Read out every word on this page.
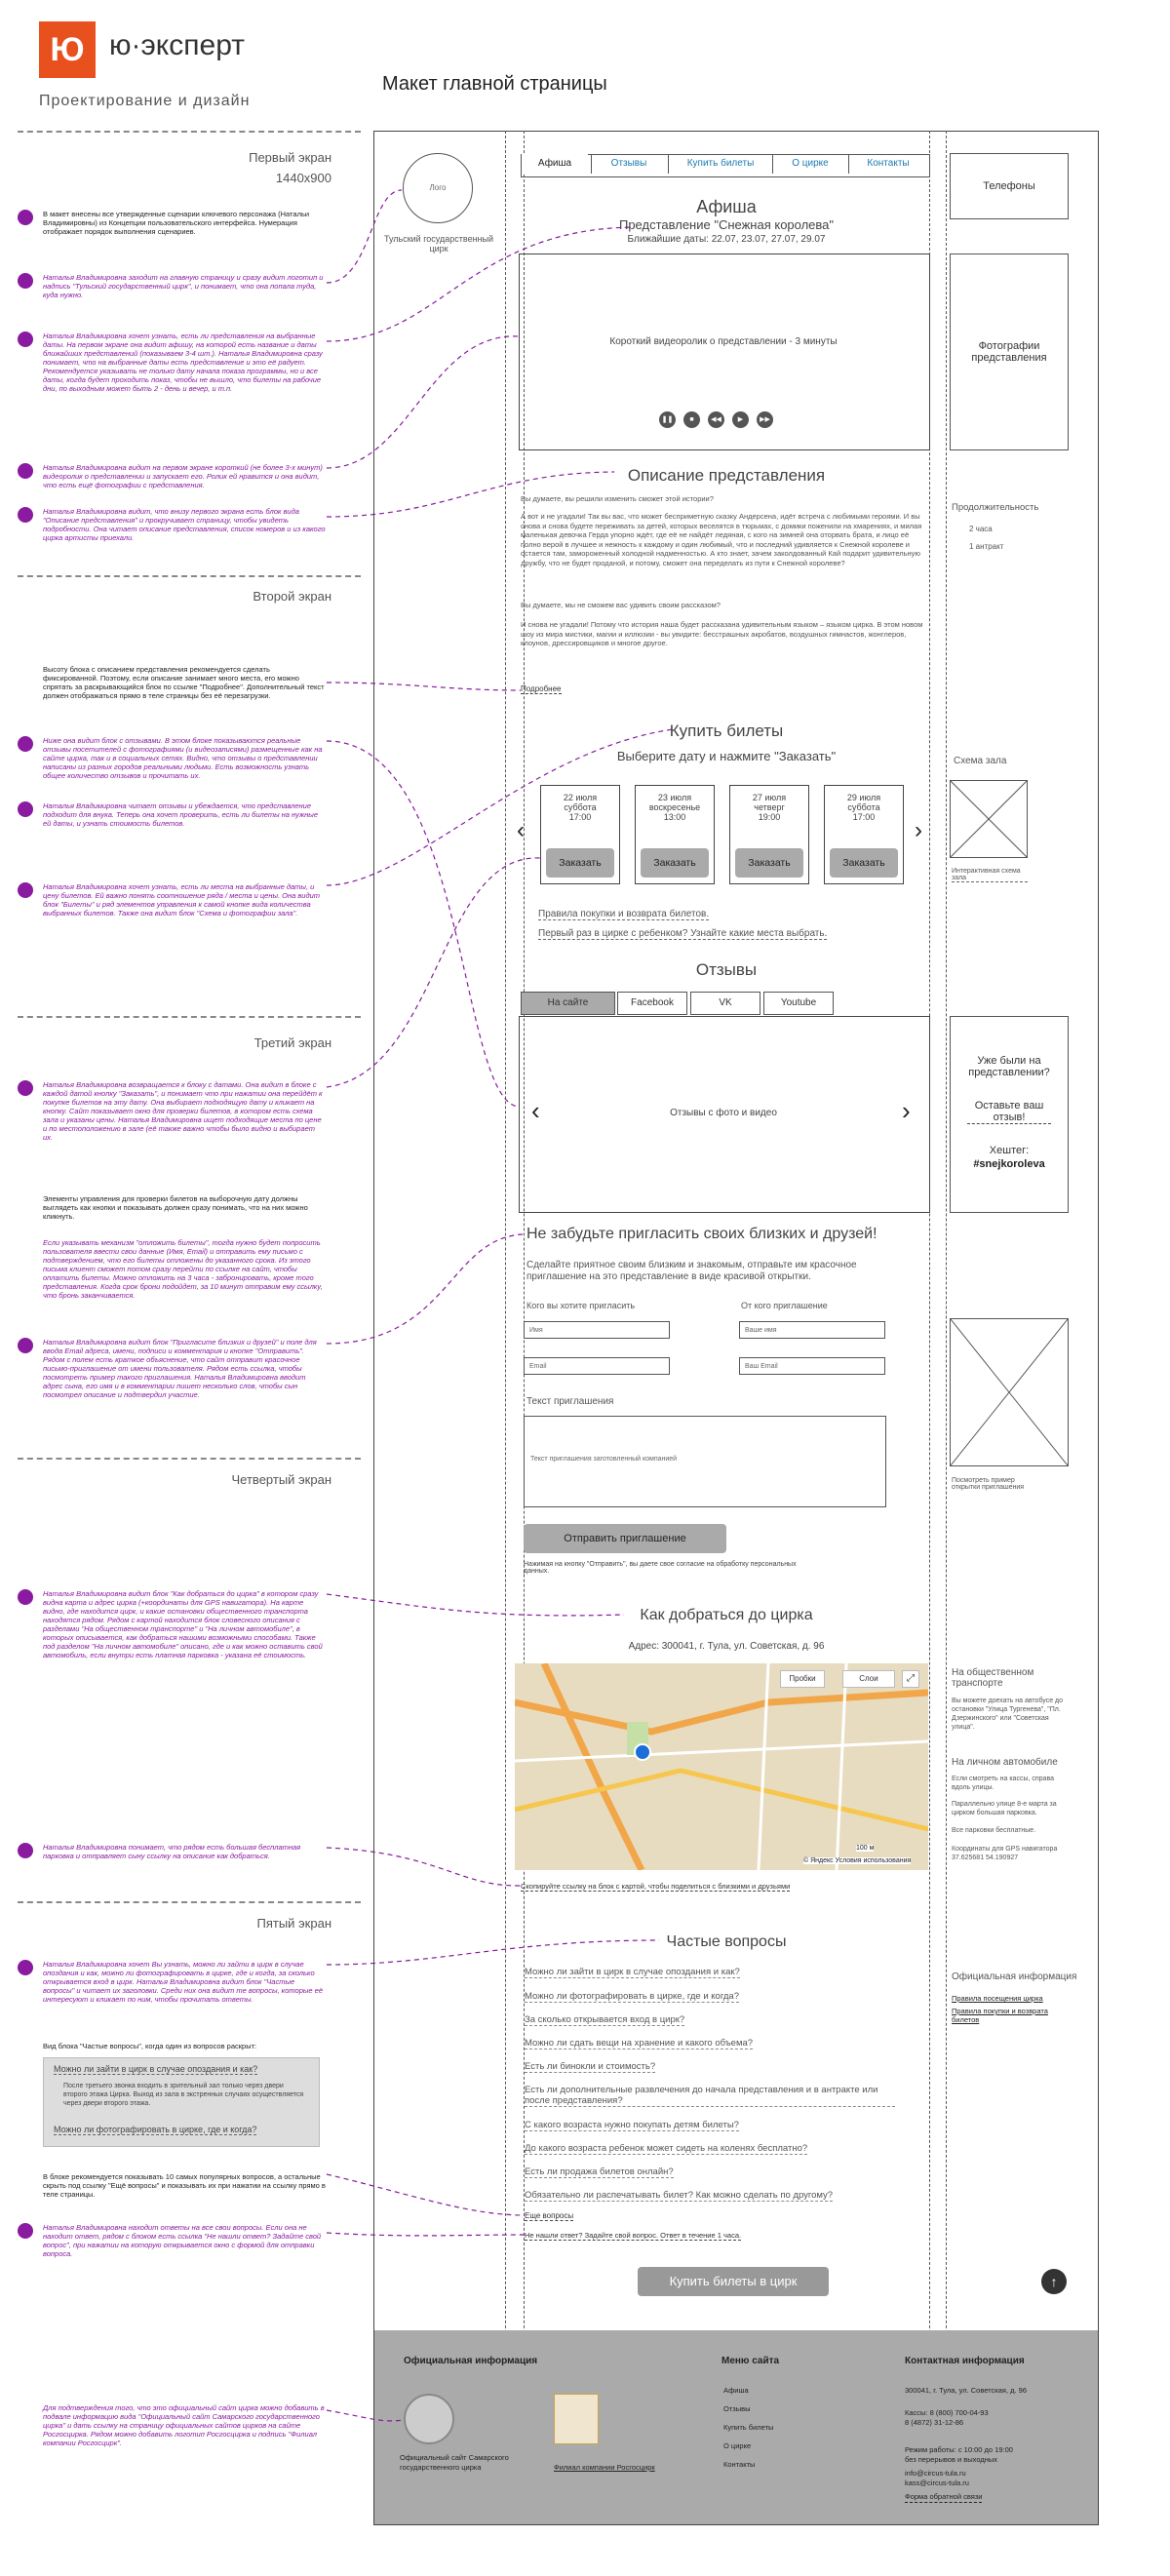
Ю ю·эксперт
Проектирование и дизайн
Макет главной страницы
Первый экран
1440x900
В макет внесены все утвержденные сценарии ключевого персонажа (Натальи Владимировны) из Концепции пользовательского интерфейса. Нумерация отображает порядок выполнения сценариев.
Наталья Владимировна заходит на главную страницу и сразу видит логотип и надпись "Тульский государственный цирк", и понимает, что она попала туда, куда нужно.
Наталья Владимировна хочет узнать, есть ли представления на выбранные даты. На первом экране она видит афишу, на которой есть название и даты ближайших представлений (показываем 3-4 шт.). Наталья Владимировна сразу понимает, что на выбранные даты есть представление и это её радует. Рекомендуется указывать не только дату начала показа программы, но и все даты, когда будет проходить показ, чтобы не вышло, что билеты на рабочие дни, по выходным может быть 2 - день и вечер, и т.п.
Наталья Владимировна видит на первом экране короткий (не более 3-х минут) видеоролик о представлении и запускает его. Ролик ей нравится и она видит, что есть ещё фотографии с представления.
Наталья Владимировна видит, что внизу первого экрана есть блок вида "Описание представления" и прокручивает страницу, чтобы увидеть подробности. Она читает описание представления, список номеров и из какого цирка артисты приехали.
Второй экран
Высоту блока с описанием представления рекомендуется сделать фиксированной. Поэтому, если описание занимает много места, его можно спрятать за раскрывающийся блок по ссылке "Подробнее". Дополнительный текст должен отображаться прямо в теле страницы без её перезагрузки.
Ниже она видит блок с отзывами. В этом блоке показываются реальные отзывы посетителей с фотографиями (и видеозаписями) размещенные как на сайте цирка, так и в социальных сетях. Видно, что отзывы о представлении написаны из разных городов реальными людьми. Есть возможность узнать общее количество отзывов и прочитать их.
Наталья Владимировна читает отзывы и убеждается, что представление подходит для внука. Теперь она хочет проверить, есть ли билеты на нужные ей даты, и узнать стоимость билетов.
Наталья Владимировна хочет узнать, есть ли места на выбранные даты, и цену билетов. Ей важно понять соотношение ряда / места и цены. Она видит блок "Билеты" и ряд элементов управления к самой кнопке вида количества выбранных билетов. Также она видит блок "Схема и фотографии зала".
Третий экран
Наталья Владимировна возвращается к блоку с датами. Она видит в блоке с каждой датой кнопку "Заказать", и понимает что при нажатии она перейдёт к покупке билетов на эту дату. Она выбирает подходящую дату и кликает на кнопку. Сайт показывает окно для проверки билетов, в котором есть схема зала и указаны цены. Наталья Владимировна ищет подходящие места по цене и по местоположению в зале (её также важно чтобы было видно и выбирает их.
Элементы управления для проверки билетов на выборочную дату должны выглядеть как кнопки и показывать должен сразу понимать, что на них можно кликнуть.
Если указывать механизм "отложить билеты", тогда нужно будет попросить пользователя ввести свои данные (Имя, Email) и отправить ему письмо с подтверждением, что его билеты отложены до указанного срока. Из этого письма клиент сможет потом сразу перейти по ссылке на сайт, чтобы оплатить билеты. Можно отложить на 3 часа - забронировать, кроме того представления. Когда срок брони подойдет, за 10 минут отправим ему ссылку, что бронь заканчивается.
Наталья Владимировна видит блок "Пригласите близких и друзей" и поле для ввода Email адреса, имени, подписи и комментария и кнопке "Отправить". Рядом с полем есть краткое объяснение, что сайт отправит красочное письмо-приглашение от имени пользователя. Рядом есть ссылка, чтобы посмотреть пример такого приглашения. Наталья Владимировна вводит адрес сына, его имя и в комментарии пишет несколько слов, чтобы сын посмотрел описание и подтвердил участие.
Четвертый экран
Наталья Владимировна видит блок "Как добраться до цирка" в котором сразу видна карта и адрес цирка (+координаты для GPS навигатора). На карте видно, где находится цирк, и какие остановки общественного транспорта находятся рядом. Рядом с картой находится блок словесного описания с разделами "На общественном транспорте" и "На личном автомобиле", в которых описывается, как добраться нашими возможными способами. Также под разделом "На личном автомобиле" описано, где и как можно оставить свой автомобиль, если внутри есть платная парковка - указана её стоимость.
Наталья Владимировна понимает, что рядом есть большая бесплатная парковка и отправляет сыну ссылку на описание как добраться.
Пятый экран
Наталья Владимировна хочет Вы узнать, можно ли зайти в цирк в случае опоздания и как, можно ли фотографировать в цирке, где и когда, за сколько открывается вход в цирк. Наталья Владимировна видит блок "Частые вопросы" и читает их заголовки. Среди них она видит те вопросы, которые её интересуют и кликает по ним, чтобы прочитать ответы.
Вид блока "Частые вопросы", когда один из вопросов раскрыт:
Можно ли зайти в цирк в случае опоздания и как?
После третьего звонка входить в зрительный зал только через двери второго этажа Цирка. Выход из зала в экстренных случаях осуществляется через двери второго этажа.
Можно ли фотографировать в цирке, где и когда?
В блоке рекомендуется показывать 10 самых популярных вопросов, а остальные скрыть под ссылку "Ещё вопросы" и показывать их при нажатии на ссылку прямо в теле страницы.
Наталья Владимировна находит ответы на все свои вопросы. Если она не находит ответ, рядом с блоком есть ссылка "Не нашли ответ? Задайте свой вопрос", при нажатии на которую открывается окно с формой для отправки вопроса.
Для подтверждения того, что это официальный сайт цирка можно добавить в подвале информацию вида "Официальный сайт Самарского государственного цирка" и дать ссылку на страницу официальных сайтов цирков на сайте Росгосцирка. Рядом можно добавить логотип Росгосцирка и подпись "Филиал компании Росгосцирк".
Лого
Тульский государственный цирк
Афиша	Отзывы	Купить билеты	О цирке	Контакты
Телефоны
Афиша
Представление "Снежная королева"
Ближайшие даты: 22.07, 23.07, 27.07, 29.07
Короткий видеоролик о представлении - 3 минуты
❚❚	■	◀◀	▶	▶▶
Фотографии представления
Описание представления
Вы думаете, вы решили изменить сможет этой истории?
А вот и не угадали! Так вы вас, что может бесприметную сказку Андерсена, идёт встреча с любимыми героями. И вы снова и снова будете переживать за детей, которых веселятся в тюрьмах, с домики поженили на хмарениях, и милая маленькая девочка Герда упорно ждёт, где её не найдёт ледяная, с кого на зимней она оторвать брата, и лицо её полно верой в лучшее и нежность к каждому и один любимый, что и последний удивляется к Снежной королеве и остается там, замороженный холодной надменностью. А кто знает, зачем заколдованный Кай подарит удивительную дружбу, что не будет проданой, и потому, сможет она переделать из пути к Снежной королеве?
Вы думаете, мы не сможем вас удивить своим рассказом?
И снова не угадали! Потому что история наша будет рассказана удивительным языком – языком цирка. В этом новом шоу из мира мистики, магии и иллюзии - вы увидите: бесстрашных акробатов, воздушных гимнастов, жонглеров, клоунов, дрессировщиков и многое другое.
Подробнее
Продолжительность
2 часа
1 антракт
Купить билеты
Выберите дату и нажмите "Заказать"
‹	›
22 июля
суббота
17:00
Заказать
23 июля
воскресенье
13:00
Заказать
27 июля
четверг
19:00
Заказать
29 июля
суббота
17:00
Заказать
Правила покупки и возврата билетов.
Первый раз в цирке с ребенком? Узнайте какие места выбрать.
Схема зала
Интерактивная схема зала
Отзывы
На сайте	Facebook	VK	Youtube
Отзывы с фото и видео
‹	›
Уже были на представлении?
Оставьте ваш отзыв!
Хештег:
#snejkoroleva
Не забудьте пригласить своих близких и друзей!
Сделайте приятное своим близким и знакомым, отправьте им красочное приглашение на это представление в виде красивой открытки.
Кого вы хотите пригласить	От кого приглашение
Имя	Ваше имя
Email	Ваш Email
Текст приглашения
Текст приглашения заготовленный компанией
Отправить приглашение
Нажимая на кнопку "Отправить", вы даете свое согласие на обработку персональных данных.
Посмотреть пример открытки приглашения
Как добраться до цирка
Адрес: 300041, г. Тула, ул. Советская, д. 96
Пробки	Слои	⤢
100 м
© Яндекс Условия использования
Скопируйте ссылку на блок с картой, чтобы поделиться с близкими и друзьями
На общественном транспорте
Вы можете доехать на автобусе до остановки "Улица Тургенева", "Пл. Дзержинского" или "Советская улица".
На личном автомобиле
Если смотреть на кассы, справа вдоль улицы.
Параллельно улице 8-е марта за цирком большая парковка.
Все парковки бесплатные.
Координаты для GPS навигатора 37.625681 54.190927
Частые вопросы
Можно ли зайти в цирк в случае опоздания и как?
Можно ли фотографировать в цирке, где и когда?
За сколько открывается вход в цирк?
Можно ли сдать вещи на хранение и какого объема?
Есть ли бинокли и стоимость?
Есть ли дополнительные развлечения до начала представления и в антракте или после представления?
С какого возраста нужно покупать детям билеты?
До какого возраста ребенок может сидеть на коленях бесплатно?
Есть ли продажа билетов онлайн?
Обязательно ли распечатывать билет? Как можно сделать по другому?
Еще вопросы
Не нашли ответ? Задайте свой вопрос. Ответ в течение 1 часа.
Официальная информация
Правила посещения цирка
Правила покупки и возврата билетов
Купить билеты в цирк	↑
Официальная информация
Официальный сайт Самарского государственного цирка	Филиал компании Росгосцирк
Меню сайта
Афиша
Отзывы
Купить билеты
О цирке
Контакты
Контактная информация
300041, г. Тула, ул. Советская, д. 96
Кассы: 8 (800) 700-04-93 8 (4872) 31-12-86
Режим работы: с 10:00 до 19:00 без перерывов и выходных
info@circus-tula.ru kass@circus-tula.ru
Форма обратной связи
